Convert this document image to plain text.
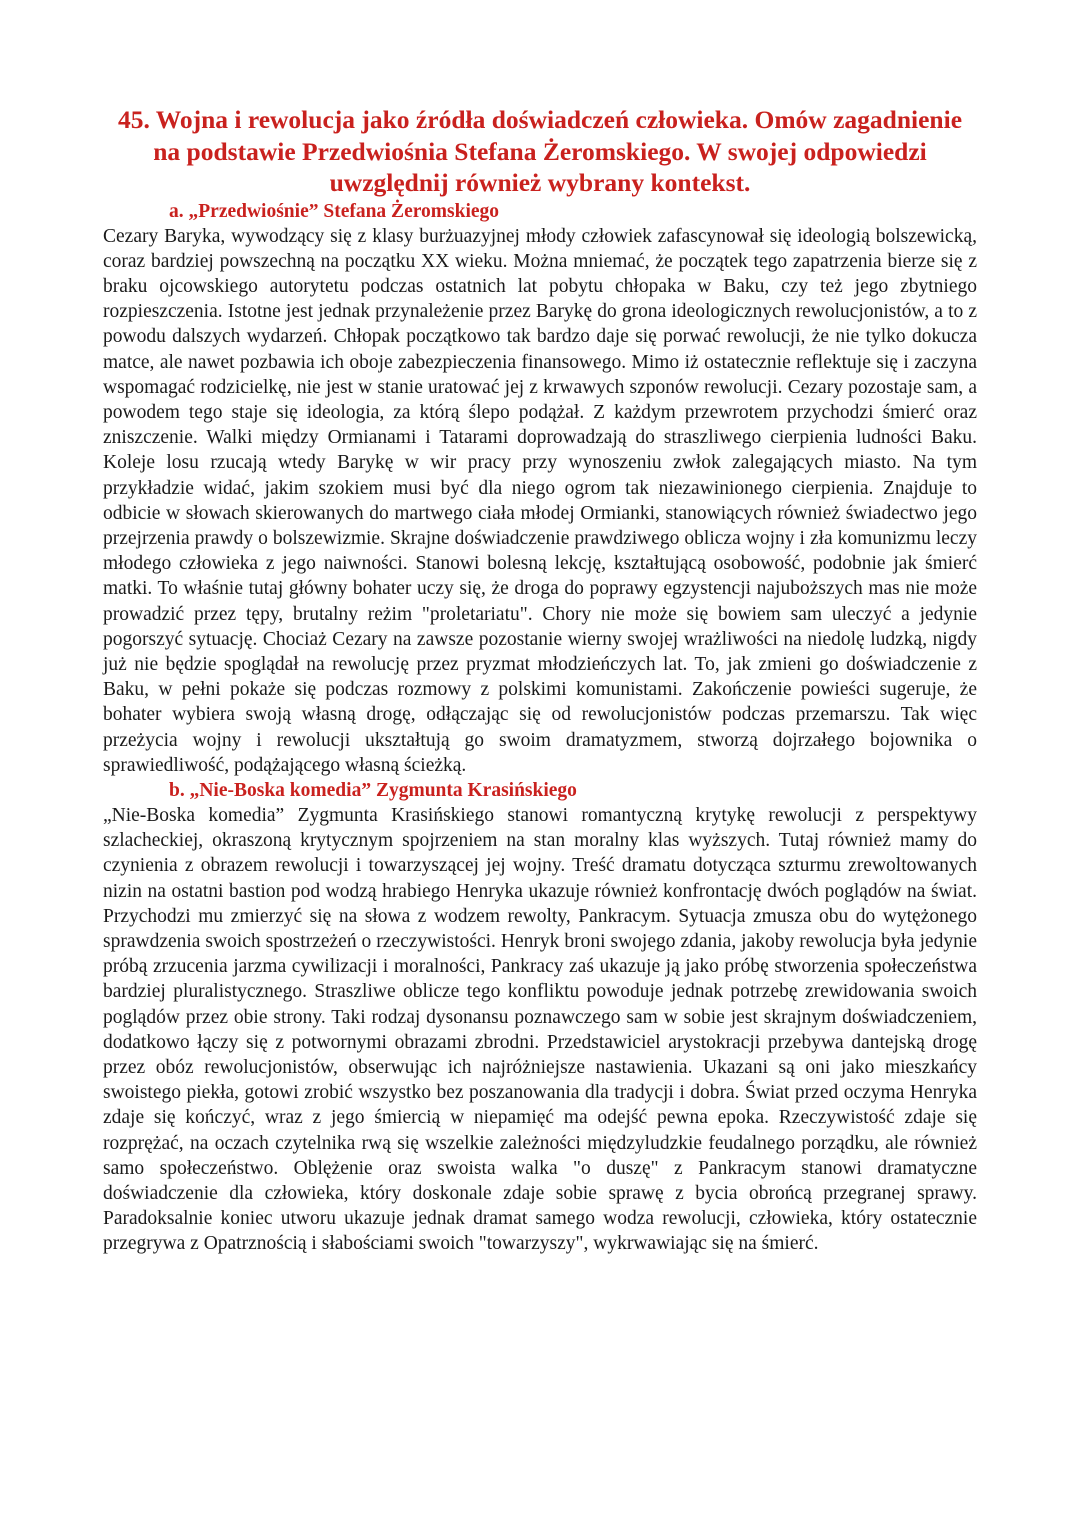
45. Wojna i rewolucja jako źródła doświadczeń człowieka. Omów zagadnienie na podstawie Przedwiośnia Stefana Żeromskiego. W swojej odpowiedzi uwzględnij również wybrany kontekst.
a. „Przedwiośnie” Stefana Żeromskiego

Cezary Baryka, wywodzący się z klasy burżuazyjnej młody człowiek zafascynował się ideologią bolszewicką, coraz bardziej powszechną na początku XX wieku. Można mniemać, że początek tego zapatrzenia bierze się z braku ojcowskiego autorytetu podczas ostatnich lat pobytu chłopaka w Baku, czy też jego zbytniego rozpieszczenia. Istotne jest jednak przynależenie przez Barykę do grona ideologicznych rewolucjonistów, a to z powodu dalszych wydarzeń. Chłopak początkowo tak bardzo daje się porwać rewolucji, że nie tylko dokucza matce, ale nawet pozbawia ich oboje zabezpieczenia finansowego. Mimo iż ostatecznie reflektuje się i zaczyna wspomagać rodzicielkę, nie jest w stanie uratować jej z krwawych szponów rewolucji. Cezary pozostaje sam, a powodem tego staje się ideologia, za którą ślepo podążał. Z każdym przewrotem przychodzi śmierć oraz zniszczenie. Walki między Ormianami i Tatarami doprowadzają do straszliwego cierpienia ludności Baku. Koleje losu rzucają wtedy Barykę w wir pracy przy wynoszeniu zwłok zalegających miasto. Na tym przykładzie widać, jakim szokiem musi być dla niego ogrom tak niezawinionego cierpienia. Znajduje to odbicie w słowach skierowanych do martwego ciała młodej Ormianki, stanowiących również świadectwo jego przejrzenia prawdy o bolszewizmie. Skrajne doświadczenie prawdziwego oblicza wojny i zła komunizmu leczy młodego człowieka z jego naiwności. Stanowi bolesną lekcję, kształtującą osobowość, podobnie jak śmierć matki. To właśnie tutaj główny bohater uczy się, że droga do poprawy egzystencji najuboższych mas nie może prowadzić przez tępy, brutalny reżim "proletariatu". Chory nie może się bowiem sam uleczyć a jedynie pogorszyć sytuację. Chociaż Cezary na zawsze pozostanie wierny swojej wrażliwości na niedolę ludzką, nigdy już nie będzie spoglądał na rewolucję przez pryzmat młodzieńczych lat. To, jak zmieni go doświadczenie z Baku, w pełni pokaże się podczas rozmowy z polskimi komunistami. Zakończenie powieści sugeruje, że bohater wybiera swoją własną drogę, odłączając się od rewolucjonistów podczas przemarszu. Tak więc przeżycia wojny i rewolucji ukształtują go swoim dramatyzmem, stworzą dojrzałego bojownika o sprawiedliwość, podążającego własną ścieżką.

b. „Nie-Boska komedia” Zygmunta Krasińskiego

„Nie-Boska komedia” Zygmunta Krasińskiego stanowi romantyczną krytykę rewolucji z perspektywy szlacheckiej, okraszoną krytycznym spojrzeniem na stan moralny klas wyższych. Tutaj również mamy do czynienia z obrazem rewolucji i towarzyszącej jej wojny. Treść dramatu dotycząca szturmu zrewoltowanych nizin na ostatni bastion pod wodzą hrabiego Henryka ukazuje również konfrontację dwóch poglądów na świat. Przychodzi mu zmierzyć się na słowa z wodzem rewolty, Pankracym. Sytuacja zmusza obu do wytężonego sprawdzenia swoich spostrzeżeń o rzeczywistości. Henryk broni swojego zdania, jakoby rewolucja była jedynie próbą zrzucenia jarzma cywilizacji i moralności, Pankracy zaś ukazuje ją jako próbę stworzenia społeczeństwa bardziej pluralistycznego. Straszliwe oblicze tego konfliktu powoduje jednak potrzebę zrewidowania swoich poglądów przez obie strony. Taki rodzaj dysonansu poznawczego sam w sobie jest skrajnym doświadczeniem, dodatkowo łączy się z potwornymi obrazami zbrodni. Przedstawiciel arystokracji przebywa dantejską drogę przez obóz rewolucjonistów, obserwując ich najróżniejsze nastawienia. Ukazani są oni jako mieszkańcy swoistego piekła, gotowi zrobić wszystko bez poszanowania dla tradycji i dobra. Świat przed oczyma Henryka zdaje się kończyć, wraz z jego śmiercią w niepamięć ma odejść pewna epoka. Rzeczywistość zdaje się rozprężać, na oczach czytelnika rwą się wszelkie zależności międzyludzkie feudalnego porządku, ale również samo społeczeństwo. Oblężenie oraz swoista walka "o duszę" z Pankracym stanowi dramatyczne doświadczenie dla człowieka, który doskonale zdaje sobie sprawę z bycia obrońcą przegranej sprawy. Paradoksalnie koniec utworu ukazuje jednak dramat samego wodza rewolucji, człowieka, który ostatecznie przegrywa z Opatrznością i słabościami swoich "towarzyszy", wykrwawiając się na śmierć.
